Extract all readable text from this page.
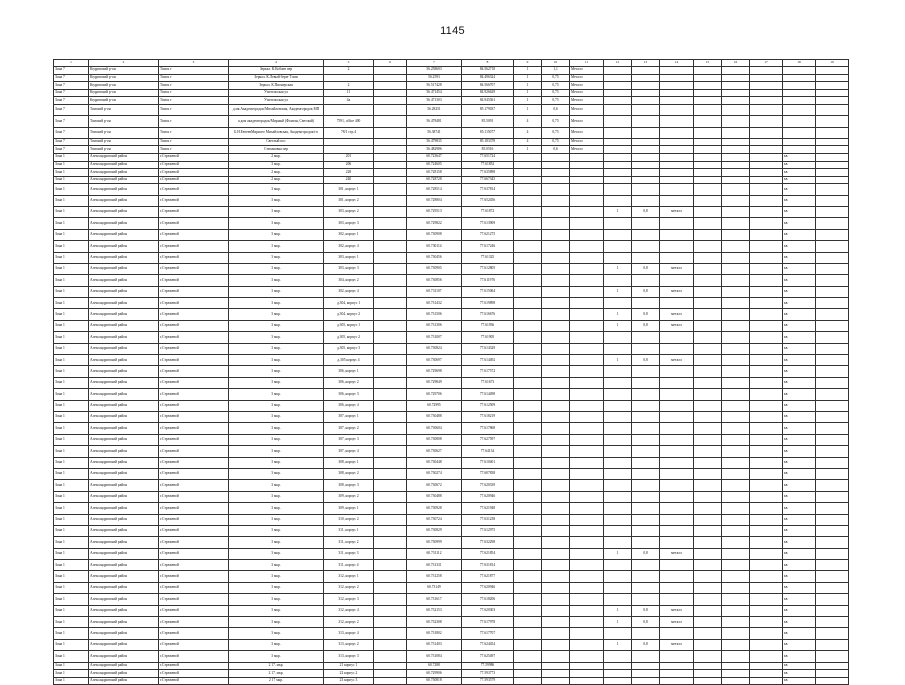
1145
1	2	3	4	5	6	7	8	9	10	11	12	13	14	15	16	17	18	19
Зона 7	Кедровский р-он	Томск г	Зеркал. К.Кобаев пер	2		56.258603	84.562718	1	1,1	Металл								
Зона 7	Кедровский р-он	Томск г	Зеркал. К.Левый берег Томи			56.2593	84.496324	1	0,75	Металл								
Зона 7	Кедровский р-он	Томск г	Зеркал. К.Пионерская	2		56.517428	84.566707	1	0,75	Металл								
Зона 7	Кедровский р-он	Томск г	Учительская ул	11		56.471454	84.926629	1	0,75	Металл								
Зона 7	Кедровский р-он	Томск г	Учительская ул	4а		56.471303	84.945361	1	0,75	Металл								
Зона 7	Томский р-он	Томск г	д.мк.Академгородок/Михайловская, Академгородок МП			56.28251	85.179037	1	0,6	Металл								
Зона 7	Томский р-он	Томск г	а.дом академгородок/Мирный (Фонтан, Светлый)	7591, office 400		56.478481	85.5091	4	0,75	Металл								
Зона 7	Томский р-он	Томск г	Б.Н.ЕвтеевМирного Михайловская, Академгородок/гп	78/1 стр.4		56.38741	85.115077	4	0,75	Металл								
Зона 7	Томский р-он	Томск г	Светлый пос			56.479835	85.183378	4	0,75	Металл								
Зона 7	Томский р-он	Томск г	Степановка пер			56.482986	85.0516	1	0,6	Металл								
Зона 1	Александровский район	г.Стрежевой	2 мкр.	201		60.723647	77.651724										кв	
Зона 1	Александровский район	г.Стрежевой	3 мкр.	206		60.724605	77.61852										кв	
Зона 1	Александровский район	г.Стрежевой	2 мкр.	228		60.728158	77.635898										кв	
Зона 1	Александровский район	г.Стрежевой	2 мкр.	240		60.728728	77.667345										кв	
Зона 1	Александровский район	г.Стрежевой	3 мкр.	301, корпус 1		60.728514	77.637814										кв	
Зона 1	Александровский район	г.Стрежевой	3 мкр.	301, корпус 2		60.728804	77.652456										кв	
Зона 1	Александровский район	г.Стрежевой	3 мкр.	303, корпус 2		60.729513	77.61872				1	0,8	металл				кв	
Зона 1	Александровский район	г.Стрежевой	3 мкр.	303, корпус 3		60.729822	77.613969										кв	
Зона 1	Александровский район	г.Стрежевой	3 мкр.	302, корпус 1		60.730908	77.621275										кв	
Зона 1	Александровский район	г.Стрежевой	3 мкр.	302, корпус 4		60.730114	77.617246										кв	
Зона 1	Александровский район	г.Стрежевой	3 мкр.	303, корпус 1		60.730456	77.61325										кв	
Зона 1	Александровский район	г.Стрежевой	3 мкр.	303, корпус 3		60.730905	77.612805				1	0,8	металл				кв	
Зона 1	Александровский район	г.Стрежевой	3 мкр.	304, корпус 2		60.730856	77.611976										кв	
Зона 1	Александровский район	г.Стрежевой	3 мкр.	302, корпус 4		60.731107	77.615064				1	0,8	металл				кв	
Зона 1	Александровский район	г.Стрежевой	3 мкр.	д.304, корпус 1		60.731432	77.619898										кв	
Зона 1	Александровский район	г.Стрежевой	3 мкр.	д.304, корпус 2		60.731506	77.616676				1	0,8	металл				кв	
Зона 1	Александровский район	г.Стрежевой	3 мкр.	д.305, корпус 1		60.731306	77.61936				1	0,8	металл				кв	
Зона 1	Александровский район	г.Стрежевой	3 мкр.	д.305, корпус 2		60.731007	77.61905										кв	
Зона 1	Александровский район	г.Стрежевой	3 мкр.	д.305, корпус 3		60.730824	77.614329										кв	
Зона 1	Александровский район	г.Стрежевой	3 мкр.	д.305 корпус 4		60.730697	77.614492				1	0,8	металл				кв	
Зона 1	Александровский район	г.Стрежевой	3 мкр.	306, корпус 1		60.729698	77.617572										кв	
Зона 1	Александровский район	г.Стрежевой	3 мкр.	306, корпус 2		60.729849	77.61673										кв	
Зона 1	Александровский район	г.Стрежевой	3 мкр.	306, корпус 3		60.729706	77.614498										кв	
Зона 1	Александровский район	г.Стрежевой	3 мкр.	306, корпус 4		60.72995	77.612509										кв	
Зона 1	Александровский район	г.Стрежевой	3 мкр.	307, корпус 1		60.730488	77.618219										кв	
Зона 1	Александровский район	г.Стрежевой	3 мкр.	307, корпус 2		60.730604	77.617868										кв	
Зона 1	Александровский район	г.Стрежевой	3 мкр.	307, корпус 3		60.730808	77.627597										кв	
Зона 1	Александровский район	г.Стрежевой	3 мкр.	307, корпус 4		60.730627	77.64134										кв	
Зона 1	Александровский район	г.Стрежевой	3 мкр.	308, корпус 1		60.730448	77.610401										кв	
Зона 1	Александровский район	г.Стрежевой	3 мкр.	308, корпус 2		60.730274	77.607838										кв	
Зона 1	Александровский район	г.Стрежевой	3 мкр.	308, корпус 3		60.730672	77.620339										кв	
Зона 1	Александровский район	г.Стрежевой	3 мкр.	309, корпус 2		60.730488	77.620946										кв	
Зона 1	Александровский район	г.Стрежевой	3 мкр.	309, корпус 1		60.730928	77.621948										кв	
Зона 1	Александровский район	г.Стрежевой	3 мкр.	310, корпус 2		60.730724	77.631238										кв	
Зона 1	Александровский район	г.Стрежевой	3 мкр.	311, корпус 1		60.730829	77.612975										кв	
Зона 1	Александровский район	г.Стрежевой	3 мкр.	311, корпус 2		60.730999	77.632298										кв	
Зона 1	Александровский район	г.Стрежевой	3 мкр.	311, корпус 3		60.731112	77.621854				1	0,8	металл				кв	
Зона 1	Александровский район	г.Стрежевой	3 мкр.	311, корпус 4		60.731331	77.631814										кв	
Зона 1	Александровский район	г.Стрежевой	3 мкр.	312, корпус 1		60.731258	77.621877										кв	
Зона 1	Александровский район	г.Стрежевой	3 мкр.	312, корпус 2		60.73149	77.620946										кв	
Зона 1	Александровский район	г.Стрежевой	3 мкр.	312, корпус 3		60.731617	77.618206										кв	
Зона 1	Александровский район	г.Стрежевой	3 мкр.	312, корпус 4		60.732153	77.620303				1	0,8	металл				кв	
Зона 1	Александровский район	г.Стрежевой	3 мкр.	312, корпус 2		60.732308	77.617978				1	0,8	металл				кв	
Зона 1	Александровский район	г.Стрежевой	3 мкр.	313, корпус 4		60.731802	77.617707										кв	
Зона 1	Александровский район	г.Стрежевой	3 мкр.	313, корпус 2		60.731403	77.624454				1	0,8	металл				кв	
Зона 1	Александровский район	г.Стрежевой	3 мкр.	313, корпус 3		60.731084	77.625497										кв	
Зона 1	Александровский район	г.Стрежевой	2 17. мкр.	21 корпус 1		60.7288	77.59986										кв	
Зона 1	Александровский район	г.Стрежевой	2 17. мкр.	22 корпус 2		60.729906	77.593773										кв	
Зона 1	Александровский район	г.Стрежевой	2 17 мкр.	23 корпус 3		60.730818	77.593579										кв	
